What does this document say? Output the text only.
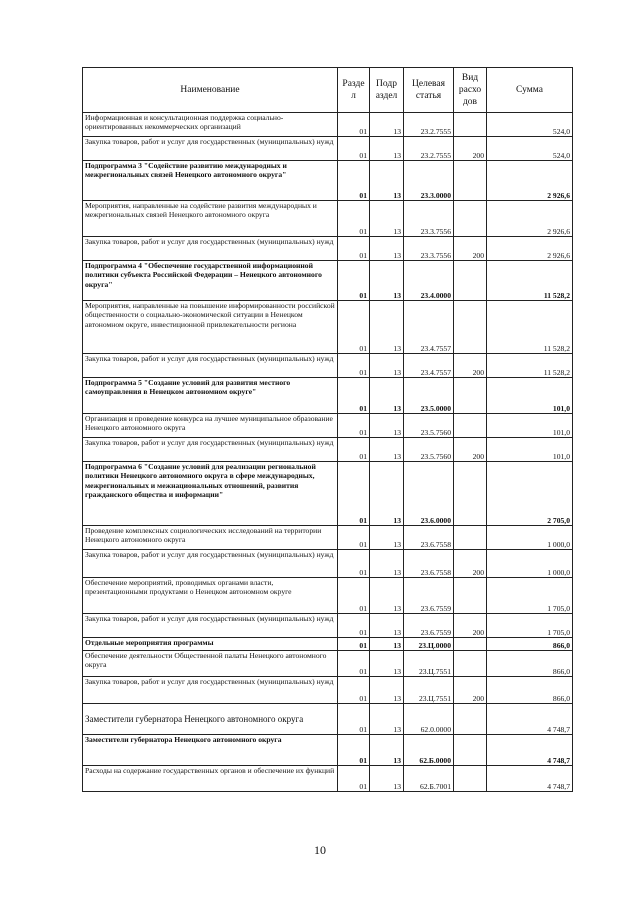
Наименование	Разде л	Подр аздел	Целевая статья	Вид расхо дов	Сумма
Информационная и консультационная поддержка социально-ориентированных некоммерческих организаций	01	13	23.2.7555		524,0
Закупка товаров, работ и услуг для государственных (муниципальных) нужд	01	13	23.2.7555	200	524,0
Подпрограмма 3 "Содействие развитию международных и межрегиональных связей Ненецкого автономного округа"	01	13	23.3.0000		2 926,6
Мероприятия, направленные на содействие развития международных и межрегиональных связей Ненецкого автономного округа	01	13	23.3.7556		2 926,6
Закупка товаров, работ и услуг для государственных (муниципальных) нужд	01	13	23.3.7556	200	2 926,6
Подпрограмма 4 "Обеспечение государственной информационной политики субъекта Российской Федерации – Ненецкого автономного округа"	01	13	23.4.0000		11 528,2
Мероприятия, направленные на повышение информированности российской общественности о социально-экономической ситуации в Ненецком автономном округе, инвестиционной привлекательности региона	01	13	23.4.7557		11 528,2
Закупка товаров, работ и услуг для государственных (муниципальных) нужд	01	13	23.4.7557	200	11 528,2
Подпрограмма 5 "Создание условий для развития местного самоуправления в Ненецком автономном округе"	01	13	23.5.0000		101,0
Организация и проведение конкурса на лучшее муниципальное образование Ненецкого автономного округа	01	13	23.5.7560		101,0
Закупка товаров, работ и услуг для государственных (муниципальных) нужд	01	13	23.5.7560	200	101,0
Подпрограмма 6 "Создание условий для реализации региональной политики Ненецкого автономного округа в сфере международных, межрегиональных и межнациональных отношений, развития гражданского общества и информации"	01	13	23.6.0000		2 705,0
Проведение комплексных социологических исследований на территории Ненецкого автономного округа	01	13	23.6.7558		1 000,0
Закупка товаров, работ и услуг для государственных (муниципальных) нужд	01	13	23.6.7558	200	1 000,0
Обеспечение мероприятий, проводимых органами власти, презентационными продуктами о Ненецком автономном округе	01	13	23.6.7559		1 705,0
Закупка товаров, работ и услуг для государственных (муниципальных) нужд	01	13	23.6.7559	200	1 705,0
Отдельные мероприятия программы	01	13	23.Ц.0000		866,0
Обеспечение деятельности Общественной палаты Ненецкого автономного округа	01	13	23.Ц.7551		866,0
Закупка товаров, работ и услуг для государственных (муниципальных) нужд	01	13	23.Ц.7551	200	866,0
Заместители губернатора Ненецкого автономного округа	01	13	62.0.0000		4 748,7
Заместители губернатора Ненецкого автономного округа	01	13	62.Б.0000		4 748,7
Расходы на содержание государственных органов и обеспечение их функций	01	13	62.Б.7001		4 748,7
10
